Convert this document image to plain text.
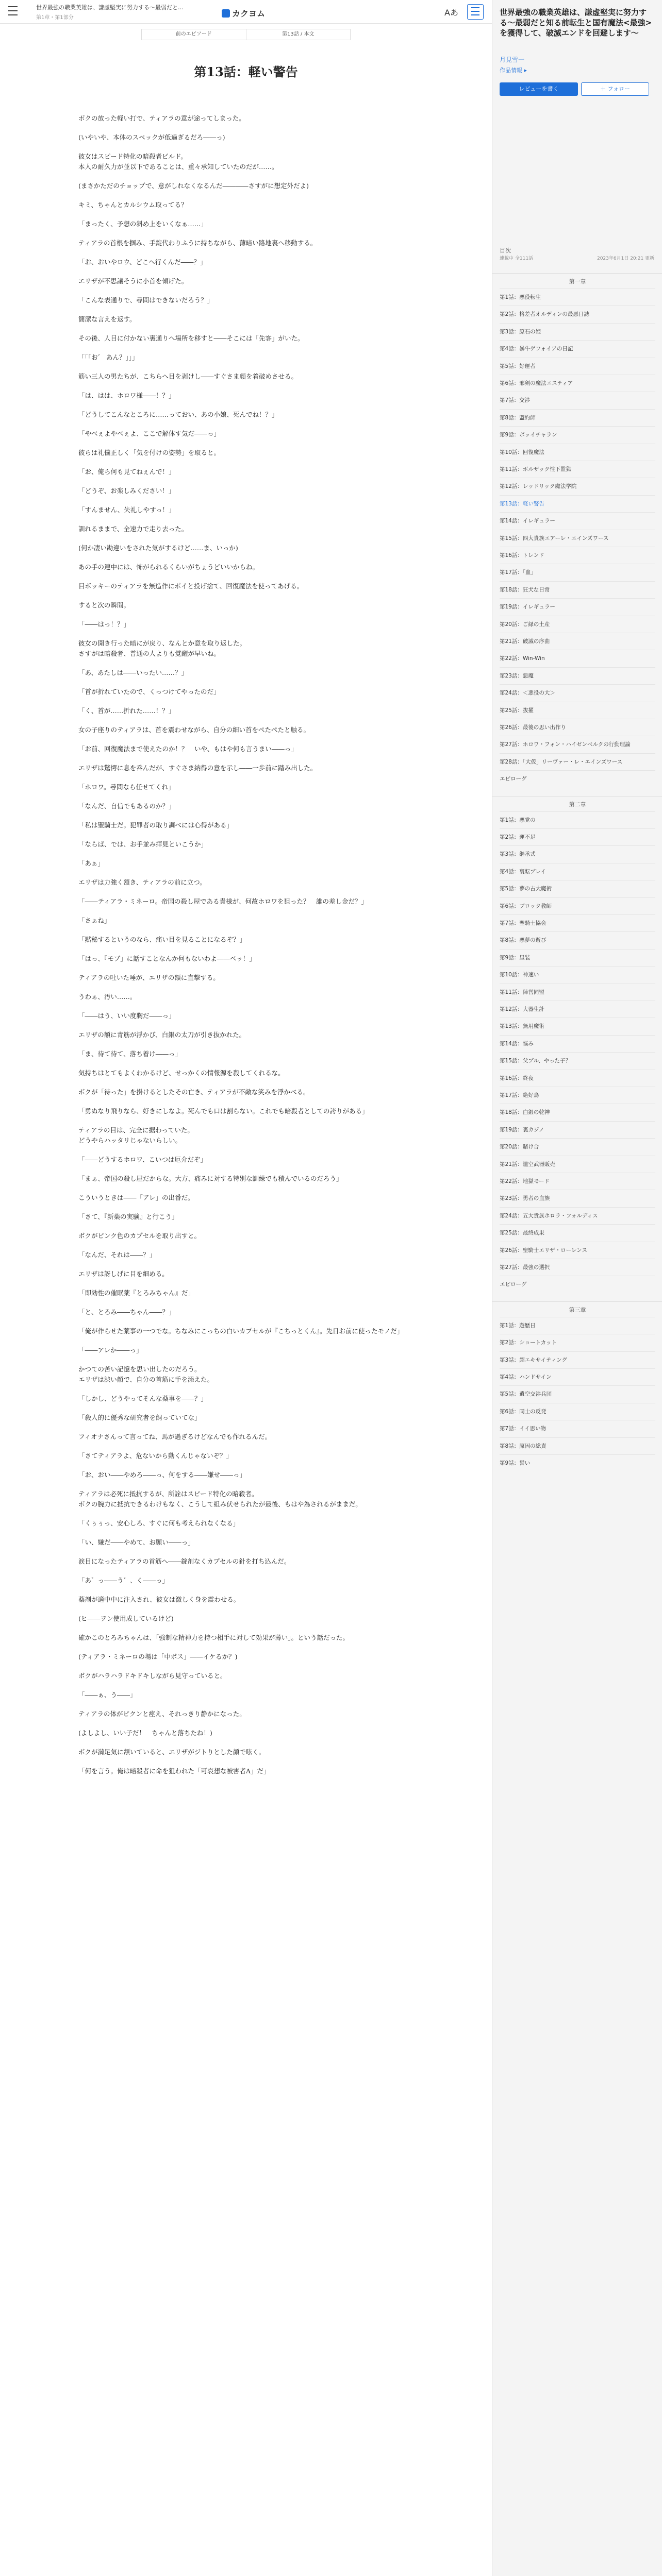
世界最強の職業英雄は、謙虚堅実に努力する〜最弱だと…
第1章・第1部分	カクヨム	Aあ
前のエピソード	第13話 / 本文
第13話：軽い警告

ボクの放った軽い打で、ティアラの意が途ってしまった。

(いやいや、本体のスペックが低過ぎるだろ――っ)

彼女はスピード特化の暗殺者ビルド。
本人の耐久力が並以下であることは、重々承知していたのだが……。

(まさかただのチョップで、意がしれなくなるんだ――――さすがに想定外だよ)

キミ、ちゃんとカルシウム取ってる？

「まったく、予想の斜め上をいくなぁ……」

ティアラの首根を掴み、手錠代わりふうに持ちながら、薄暗い路地裏へ移動する。

「お、おいやロウ、どこへ行くんだ――？」

エリザが不思議そうに小首を傾げた。

「こんな表通りで、尋問はできないだろう？」

簡潔な言えを返す。

その後、人目に付かない裏通りへ場所を移すと――そこには「先客」がいた。

「「「お゛ あん？」」」

筋い三人の男たちが、こちらへ目を剥けし――すぐさま顔を着破めさせる。

「は、はは、ホロワ様――！？」

「どうしてこんなところに……っておい、あの小娘、死んでね！？」

「やべぇよやべぇよ、ここで解体す気だ――っ」

彼らは礼儀正しく「気を付けの姿勢」を取ると。

「お、俺ら何も見てねぇんで！」

「どうぞ、お楽しみください！」

「すんません、失礼しやすっ！」

訓れるままで、全速力で走り去った。

(何か凄い勘違いをされた気がするけど……ま、いっか)

あの手の連中には、怖がられるくらいがちょうどいいからね。

目ボッキーのティアラを無造作にポイと投げ捨て、回復魔法を使ってあげる。

すると次の瞬間。

「――はっ！？」

彼女の開き行った暗にが戻り、なんとか意を取り返した。
さすがは暗殺者、普通の人よりも覚醒が早いね。

「あ、あたしは――いったい……？」

「首が折れていたので、くっつけてやったのだ」

「く、首が……折れた……！？」

女の子座りのティアラは、首を震わせながら、自分の細い首をぺたぺたと触る。

「お前、回復魔法まで使えたのか！？　いや、もはや何も言うまい――っ」

エリザは驚愕に息を呑んだが、すぐさま納得の意を示し――一歩前に踏み出した。

「ホロワ。尋問なら任せてくれ」

「なんだ、自信でもあるのか？」

「私は聖騎士だ。犯罪者の取り調べには心得がある」

「ならば、では、お手並み拝見といこうか」

「あぁ」

エリザは力強く頷き、ティアラの前に立つ。

「――ティアラ・ミネーロ。帝国の殺し屋である貴様が、何故ホロワを狙った？　誰の差し金だ？」

「さぁね」

「黙秘するというのなら、痛い目を見ることになるぞ？」

「はっ、『モブ」に話すことなんか何もないわよ――ベッ！」

ティアラの吐いた唾が、エリザの額に直撃する。

うわぁ、汚い……。

「――はう、いい度胸だ――っ」

エリザの額に青筋が浮かび、白銀の太刀が引き抜かれた。

「ま、待て待て、落ち着け――っ」

気持ちはとてもよくわかるけど、せっかくの情報源を殺してくれるな。

ボクが「待った」を掛けるとしたその亡き、ティアラが不敵な笑みを浮かべる。

「勇ぬなり飛りなら、好きにしなよ。死んでも口は割らない。これでも暗殺者としての誇りがある」

ティアラの目は、完全に据わっていた。
どうやらハッタリじゃないらしい。

「――どうするホロワ、こいつは厄介だぞ」

「まぁ、帝国の殺し屋だからな。大方、痛みに対する特別な訓練でも積んでいるのだろう」

こういうときは――「アレ」の出番だ。

「さて、『新薬の実験』と行こう」

ボクがピンク色のカプセルを取り出すと。

「なんだ、それは――？」

エリザは訝しげに目を細める。

「即効性の催眠薬『とろみちゃん』だ」

「と、とろみ――ちゃん――？」

「俺が作らせた薬事の一つでな。ちなみにこっちの白いカプセルが『こちっとくん』。先日お前に使ったモノだ」

「――アレか――っ」

かつての苦い記憶を思い出したのだろう。
エリザは渋い顔で、自分の首筋に手を添えた。

「しかし、どうやってそんな薬事を――？」

「殺人的に優秀な研究者を飼っていてな」

フィオナさんって言ってね、馬が過ぎるけどなんでも作れるんだ。

「さてティアラよ、危ないから動くんじゃないぞ？」

「お、おい――やめろ――っ、何をする――嫌せ――っ」

ティアラは必死に抵抗するが、所詮はスピード特化の暗殺者。
ボクの腕力に抵抗できるわけもなく、こうして組み伏せられたが最後、もはや為されるがままだ。

「くぅぅっ、安心しろ、すぐに何も考えられなくなる」

「い、嫌だ――やめて、お願い――っ」

涙目になったティアラの首筋へ――錠剤なくカプセルの針を打ち込んだ。

「あ゛っ――う゛、く――っ」

薬剤が適中中に注入され、彼女は激しく身を震わせる。

(ヒ――ヲン使用成しているけど)

確かこのとろみちゃんは、「強制な精神力を持つ相手に対して効果が薄い」。という話だった。

(ティアラ・ミネーロの場は「中ボス」――イケるか？)

ボクがハラハラドキドキしながら見守っていると。

「――ぁ、う――」

ティアラの体がピクンと痙え、それっきり静かになった。

(よしよし、いい子だ！　ちゃんと落ちたね！)

ボクが満足気に頷いていると、エリザがジトりとした顔で呟く。

「何を言う。俺は暗殺者に命を狙われた「可哀想な被害者A」だ」

世界最強の職業英雄は、謙虚堅実に努力する〜最弱だと知る前転生と国有魔法<最強>を獲得して、破滅エンドを回避します〜
月見雪一
作品情報 ▸
レビューを書く	＋ フォロー
目次
連載中 全111話	2023年6月1日 20:21 更新
第一章
第1話：悪役転生
第2話：格差者オルディンの最悪日誌
第3話：原石の姫
第4話：暴牛ゲフォイアの日記
第5話：好運者
第6話：邪剣の魔法エスティア
第7話：交渉
第8話：盟約師
第9話：ボッイチャラン
第10話：回復魔法
第11話：ボルザック性下監獄
第12話：レッドリック魔法学院
第13話：軽い警告
第14話：イレギュラー
第15話：四大貴族エアーレ・エインズワース
第16話：トレンド
第17話：「血」
第18話：狂犬な日常
第19話：イレギュラー
第20話：ご縁の土産
第21話：破滅の序曲
第22話：Win-Win
第23話：悪魔
第24話：＜悪役の大＞
第25話：抜擢
第26話：最後の思い出作り
第27話：ホロワ・フォン・ハイゼンベルクの行動理論
第28話：「大仮」リーヴァー・レ・エインズワース
エピローグ
第二章
第1話：悪党の
第2話：運不足
第3話：継承式
第4話：裏転ブレイ
第5話：夢の古大魔術
第6話：ブロック教師
第7話：聖騎士協会
第8話：悪夢の遊び
第9話：星装
第10話：神速い
第11話：陣営同盟
第12話：大器生計
第13話：無用魔術
第14話：悩み
第15話：父ブル、やった子？
第16話：終夜
第17話：絶好鳥
第18話：白銀の乾神
第19話：裏カジノ
第20話：賭け合
第21話：遺空武器販売
第22話：地獄モード
第23話：勇者の血族
第24話：五大貴族ホロラ・フォルディス
第25話：最終成果
第26話：聖騎士エリザ・ローレンス
第27話：最強の選択
エピローグ
第三章
第1話：遊歴日
第2話：ショートカット
第3話：超エキサイティング
第4話：ハンドサイン
第5話：遺空交渉兵団
第6話：同士の反発
第7話：イイ思い物
第8話：原因の総責
第9話：誓い
